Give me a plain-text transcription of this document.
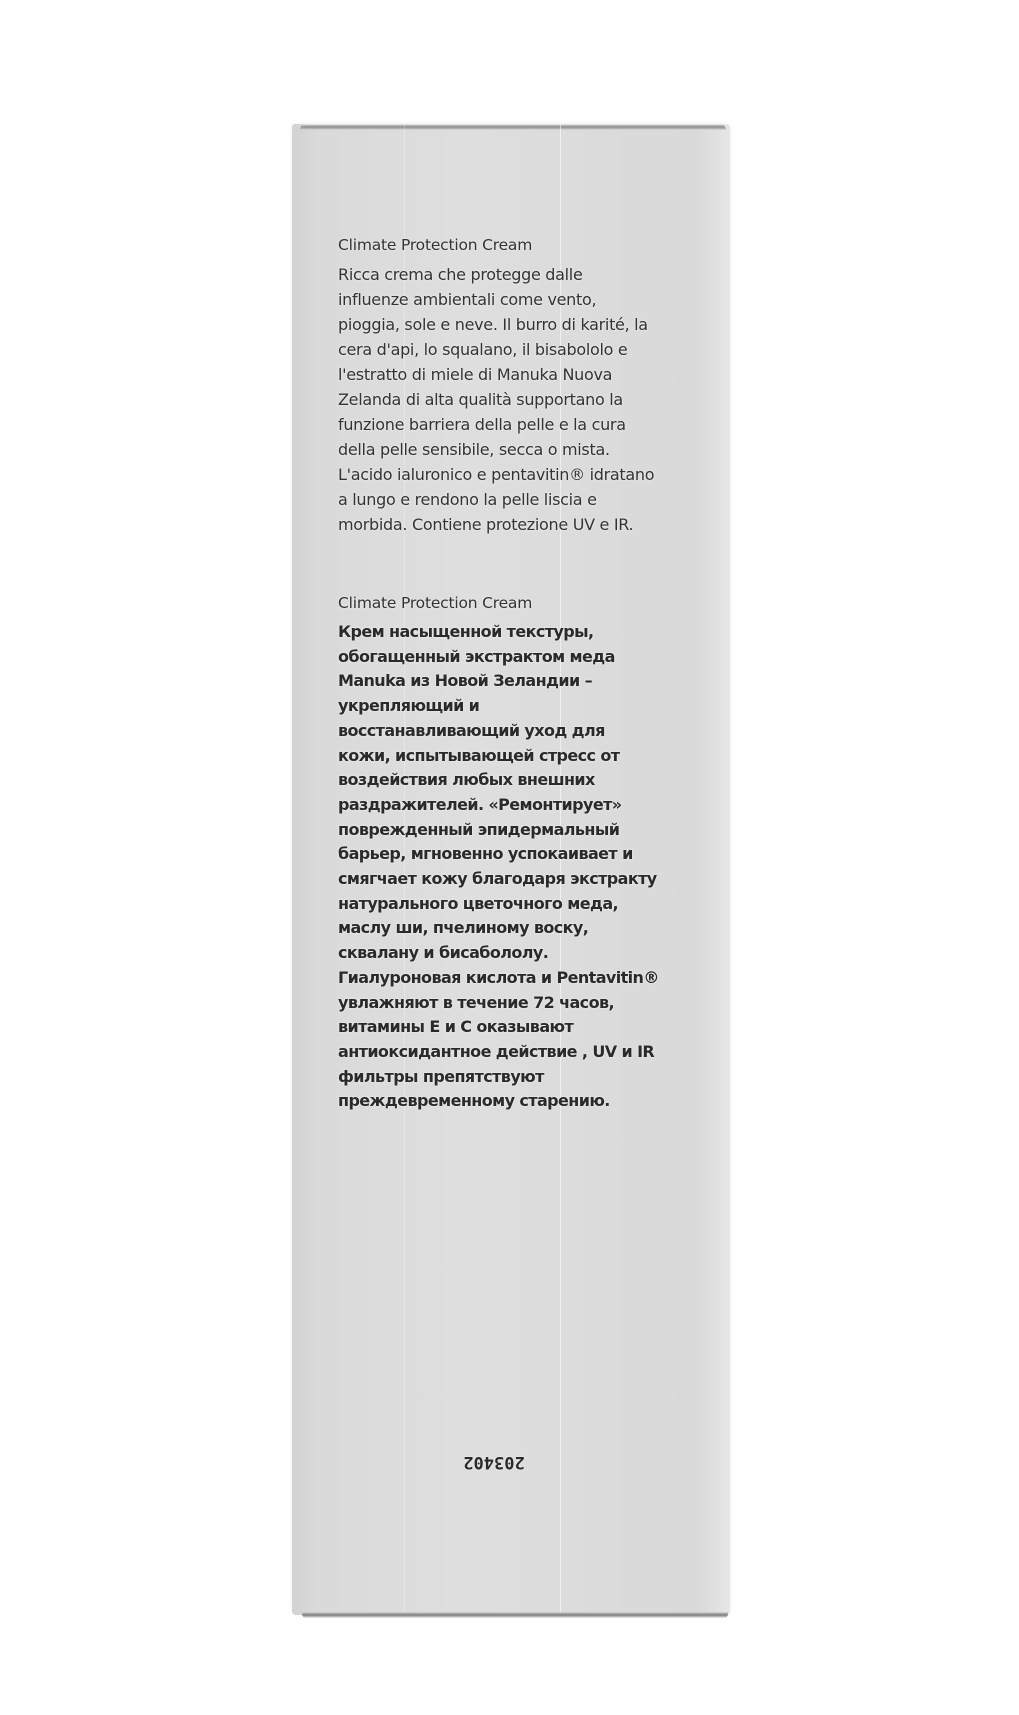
Climate Protection Cream

Ricca crema che protegge dalle

influenze ambientali come vento,

pioggia, sole e neve. Il burro di karité, la

cera d'api, lo squalano, il bisabololo e

l'estratto di miele di Manuka Nuova

Zelanda di alta qualità supportano la

funzione barriera della pelle e la cura

della pelle sensibile, secca o mista.

L'acido ialuronico e pentavitin® idratano

a lungo e rendono la pelle liscia e

morbida. Contiene protezione UV e IR.

Climate Protection Cream

Крем насыщенной текстуры,

обогащенный экстрактом меда

Manuka из Новой Зеландии –

укрепляющий и

восстанавливающий уход для

кожи, испытывающей стресс от

воздействия любых внешних

раздражителей. «Ремонтирует»

поврежденный эпидермальный

барьер, мгновенно успокаивает и

смягчает кожу благодаря экстракту

натурального цветочного меда,

маслу ши, пчелиному воску,

сквалану и бисабололу.

Гиалуроновая кислота и Pentavitin®

увлажняют в течение 72 часов,

витамины Е и С оказывают

антиоксидантное действие , UV и IR

фильтры препятствуют

преждевременному старению.

203402
